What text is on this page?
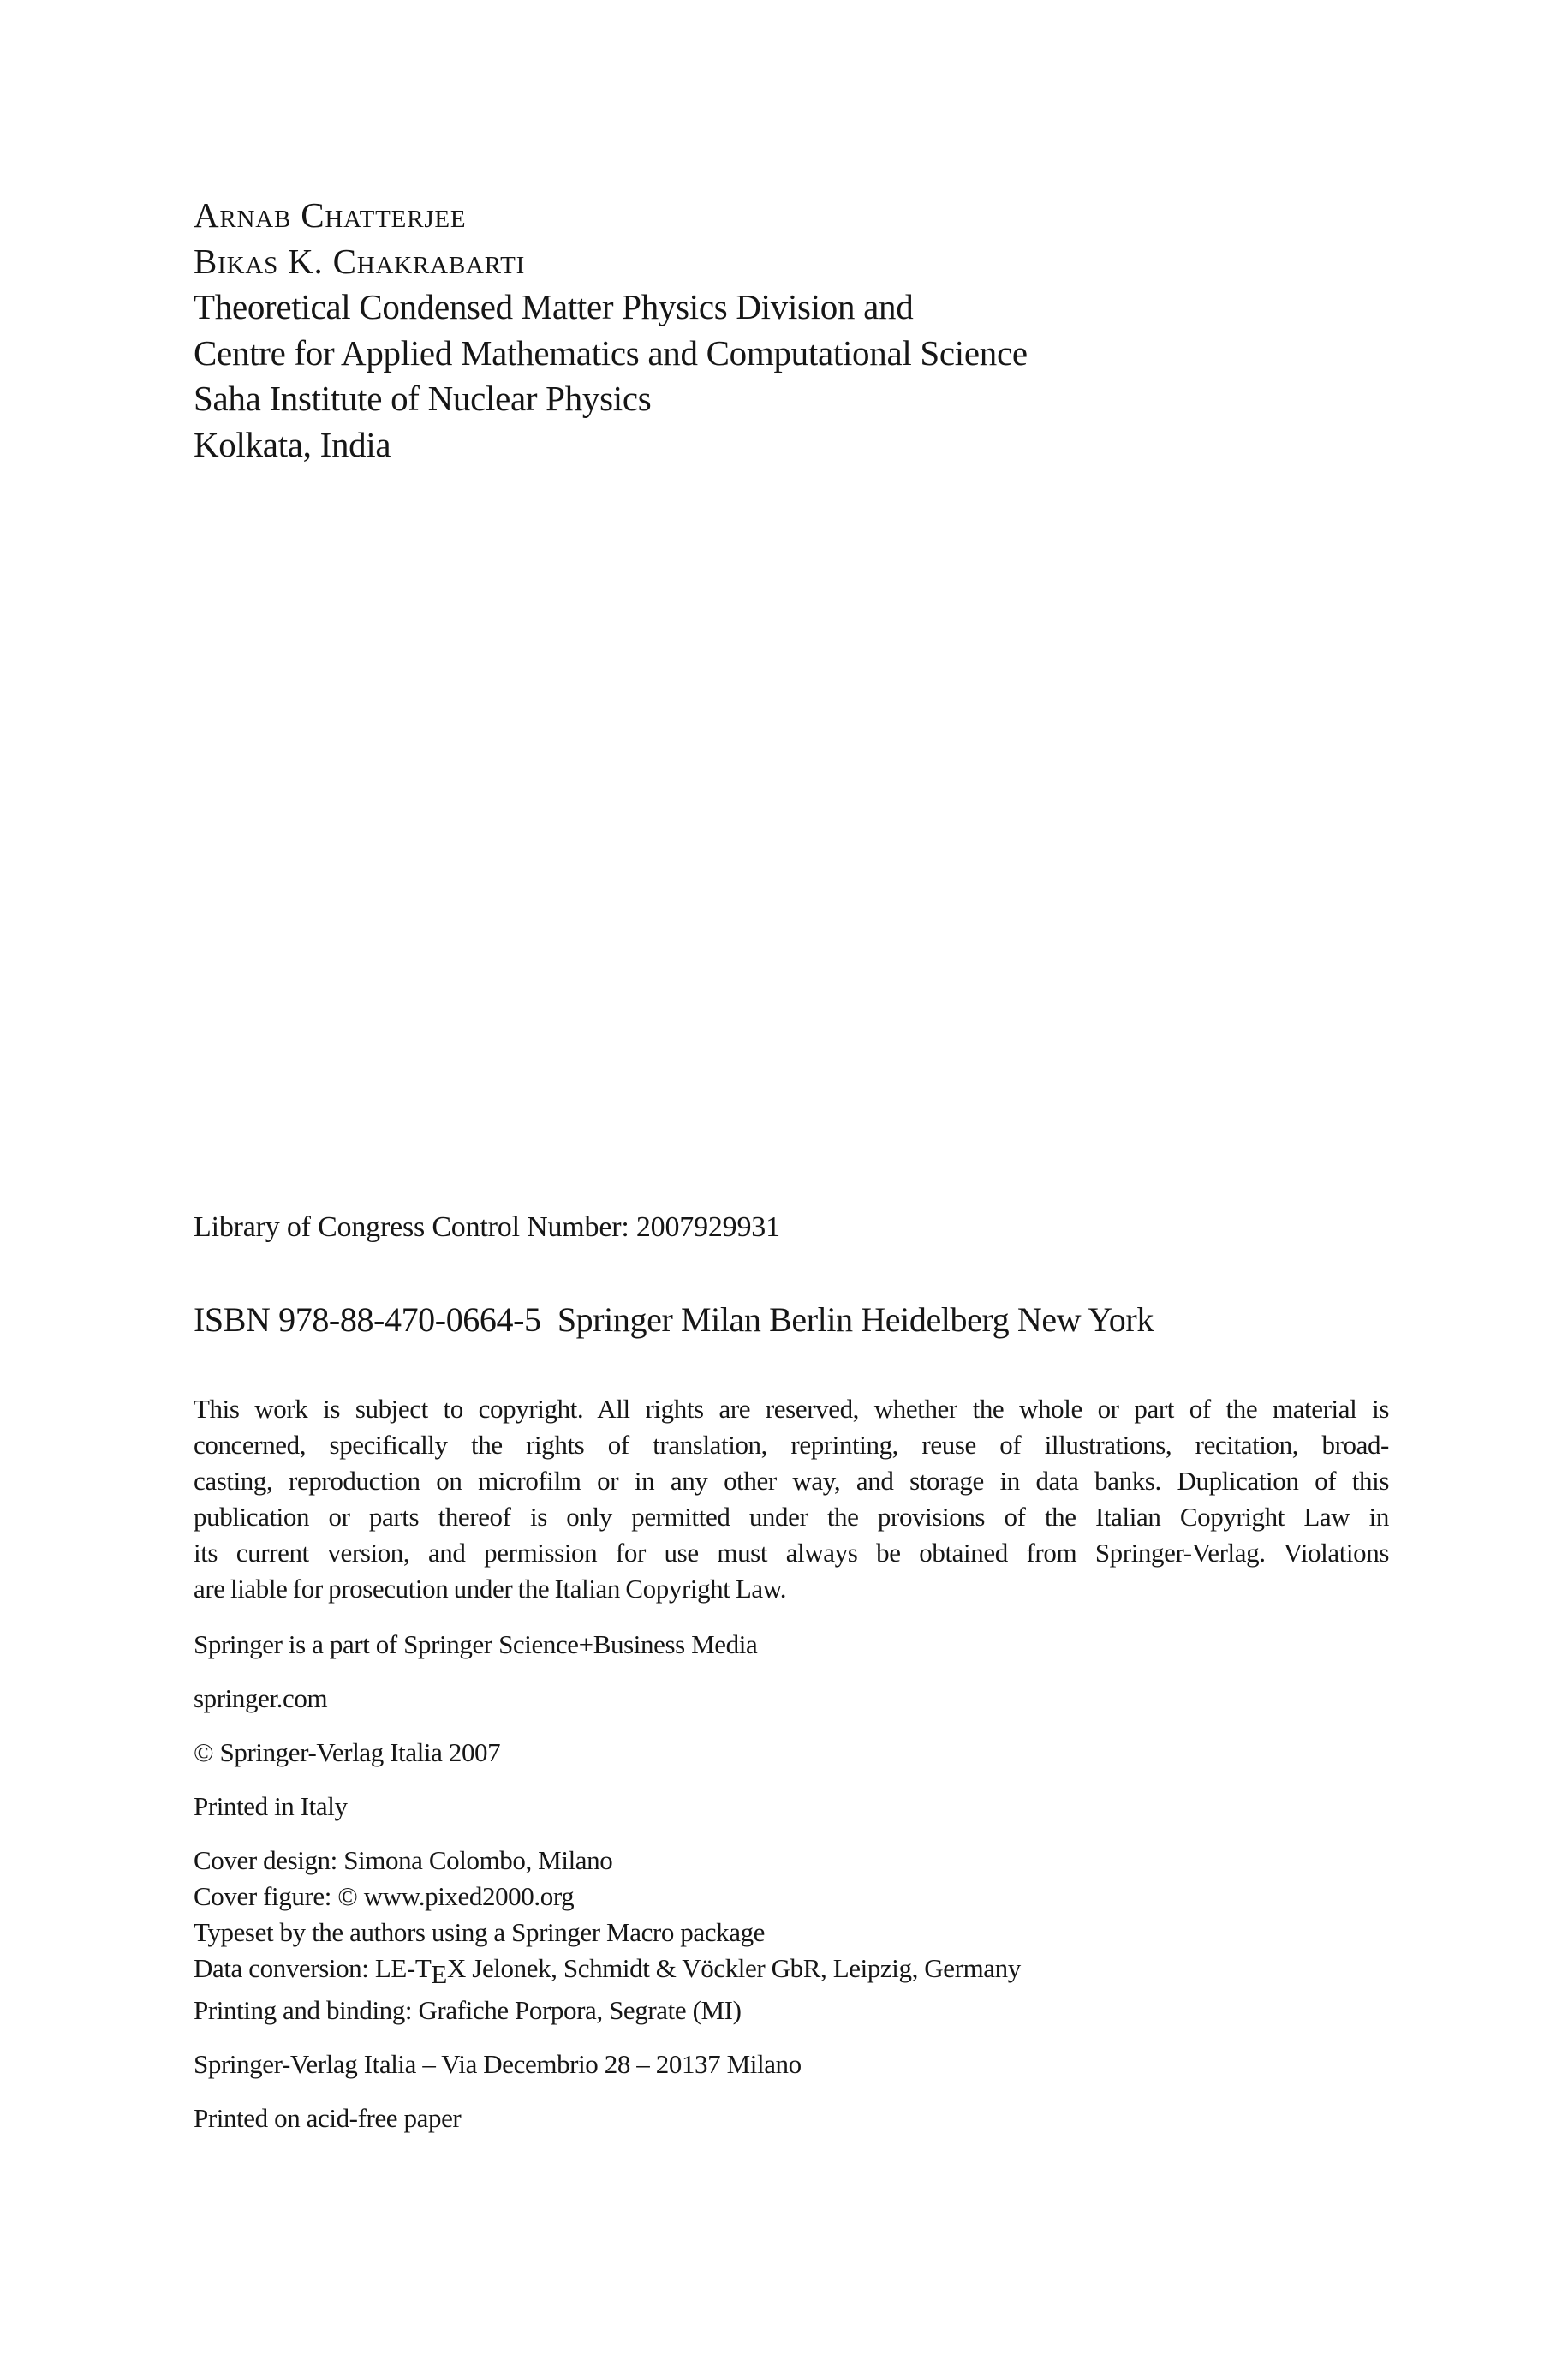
Arnab Chatterjee
Bikas K. Chakrabarti
Theoretical Condensed Matter Physics Division and
Centre for Applied Mathematics and Computational Science
Saha Institute of Nuclear Physics
Kolkata, India
Library of Congress Control Number: 2007929931
ISBN 978-88-470-0664-5  Springer Milan Berlin Heidelberg New York
This work is subject to copyright. All rights are reserved, whether the whole or part of the material is
concerned, specifically the rights of translation, reprinting, reuse of illustrations, recitation, broad-
casting, reproduction on microfilm or in any other way, and storage in data banks. Duplication of this
publication or parts thereof is only permitted under the provisions of the Italian Copyright Law in
its current version, and permission for use must always be obtained from Springer-Verlag. Violations
are liable for prosecution under the Italian Copyright Law.
Springer is a part of Springer Science+Business Media
springer.com
© Springer-Verlag Italia 2007
Printed in Italy
Cover design: Simona Colombo, Milano
Cover figure: © www.pixed2000.org
Typeset by the authors using a Springer Macro package
Data conversion: LE-TEX Jelonek, Schmidt & Vöckler GbR, Leipzig, Germany
Printing and binding: Grafiche Porpora, Segrate (MI)
Springer-Verlag Italia – Via Decembrio 28 – 20137 Milano
Printed on acid-free paper
